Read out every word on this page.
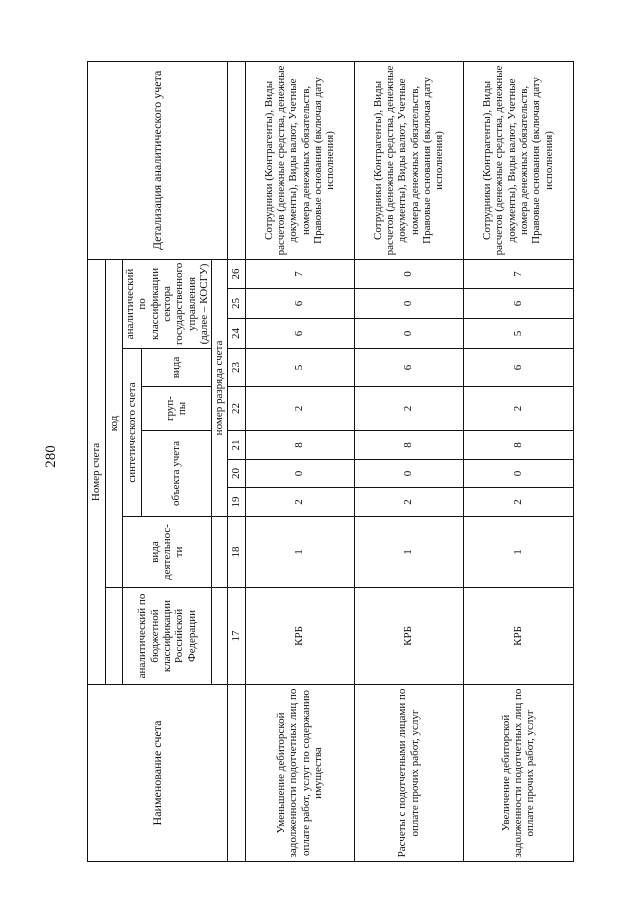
280
Наименование счета	Номер счета										Детализация аналитического учета
		код									
	аналитический по бюджетной классификации Российской Федерации	вида деятельнос-ти	синтетического счета					аналитический по классификации сектора государственного управления (далее – КОСГУ)			
			объекта учета			груп-пы	вида				
			номер разряда счета								
	17	18	19	20	21	22	23	24	25	26	
Уменьшение дебиторской задолженности подотчетных лиц по оплате работ, услуг по содержанию имущества	КРБ	1	2	0	8	2	5	6	6	7	Сотрудники (Контрагенты), Виды расчетов (денежные средства, денежные документы), Виды валют, Учетные номера денежных обязательств, Правовые основания (включая дату исполнения)
Расчеты с подотчетными лицами по оплате прочих работ, услуг	КРБ	1	2	0	8	2	6	0	0	0	Сотрудники (Контрагенты), Виды расчетов (денежные средства, денежные документы), Виды валют, Учетные номера денежных обязательств, Правовые основания (включая дату исполнения)
Увеличение дебиторской задолженности подотчетных лиц по оплате прочих работ, услуг	КРБ	1	2	0	8	2	6	5	6	7	Сотрудники (Контрагенты), Виды расчетов (денежные средства, денежные документы), Виды валют, Учетные номера денежных обязательств, Правовые основания (включая дату исполнения)
